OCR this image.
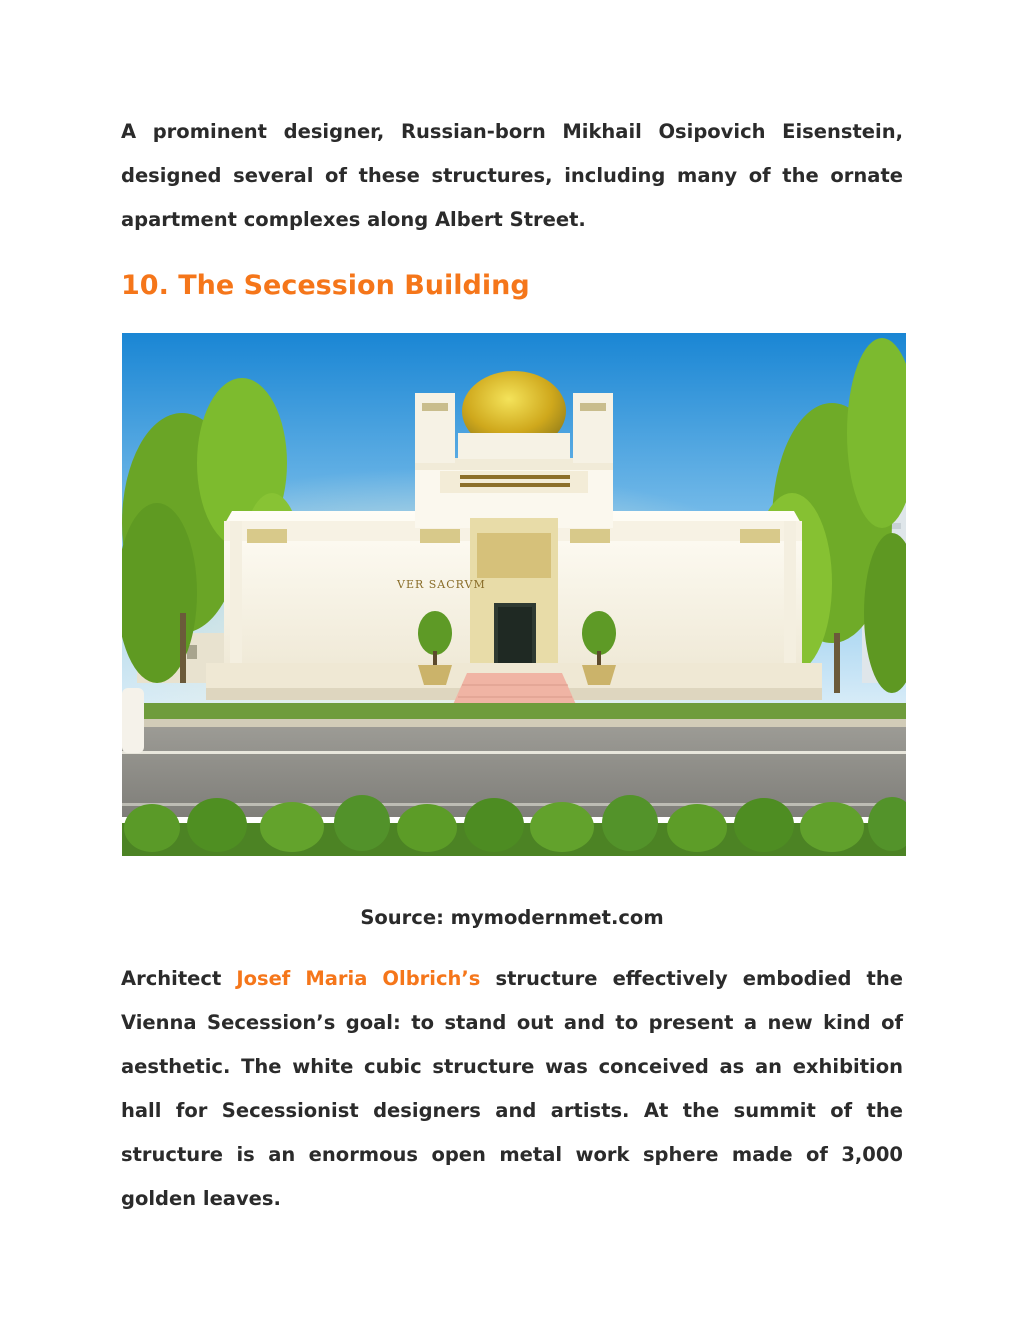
A prominent designer, Russian-born Mikhail Osipovich Eisenstein, designed several of these structures, including many of the ornate apartment complexes along Albert Street.

10. The Secession Building
VER SACRVM

Source: mymodernmet.com

Architect Josef Maria Olbrich’s structure effectively embodied the Vienna Secession’s goal: to stand out and to present a new kind of aesthetic. The white cubic structure was conceived as an exhibition hall for Secessionist designers and artists. At the summit of the structure is an enormous open metal work sphere made of 3,000 golden leaves.
